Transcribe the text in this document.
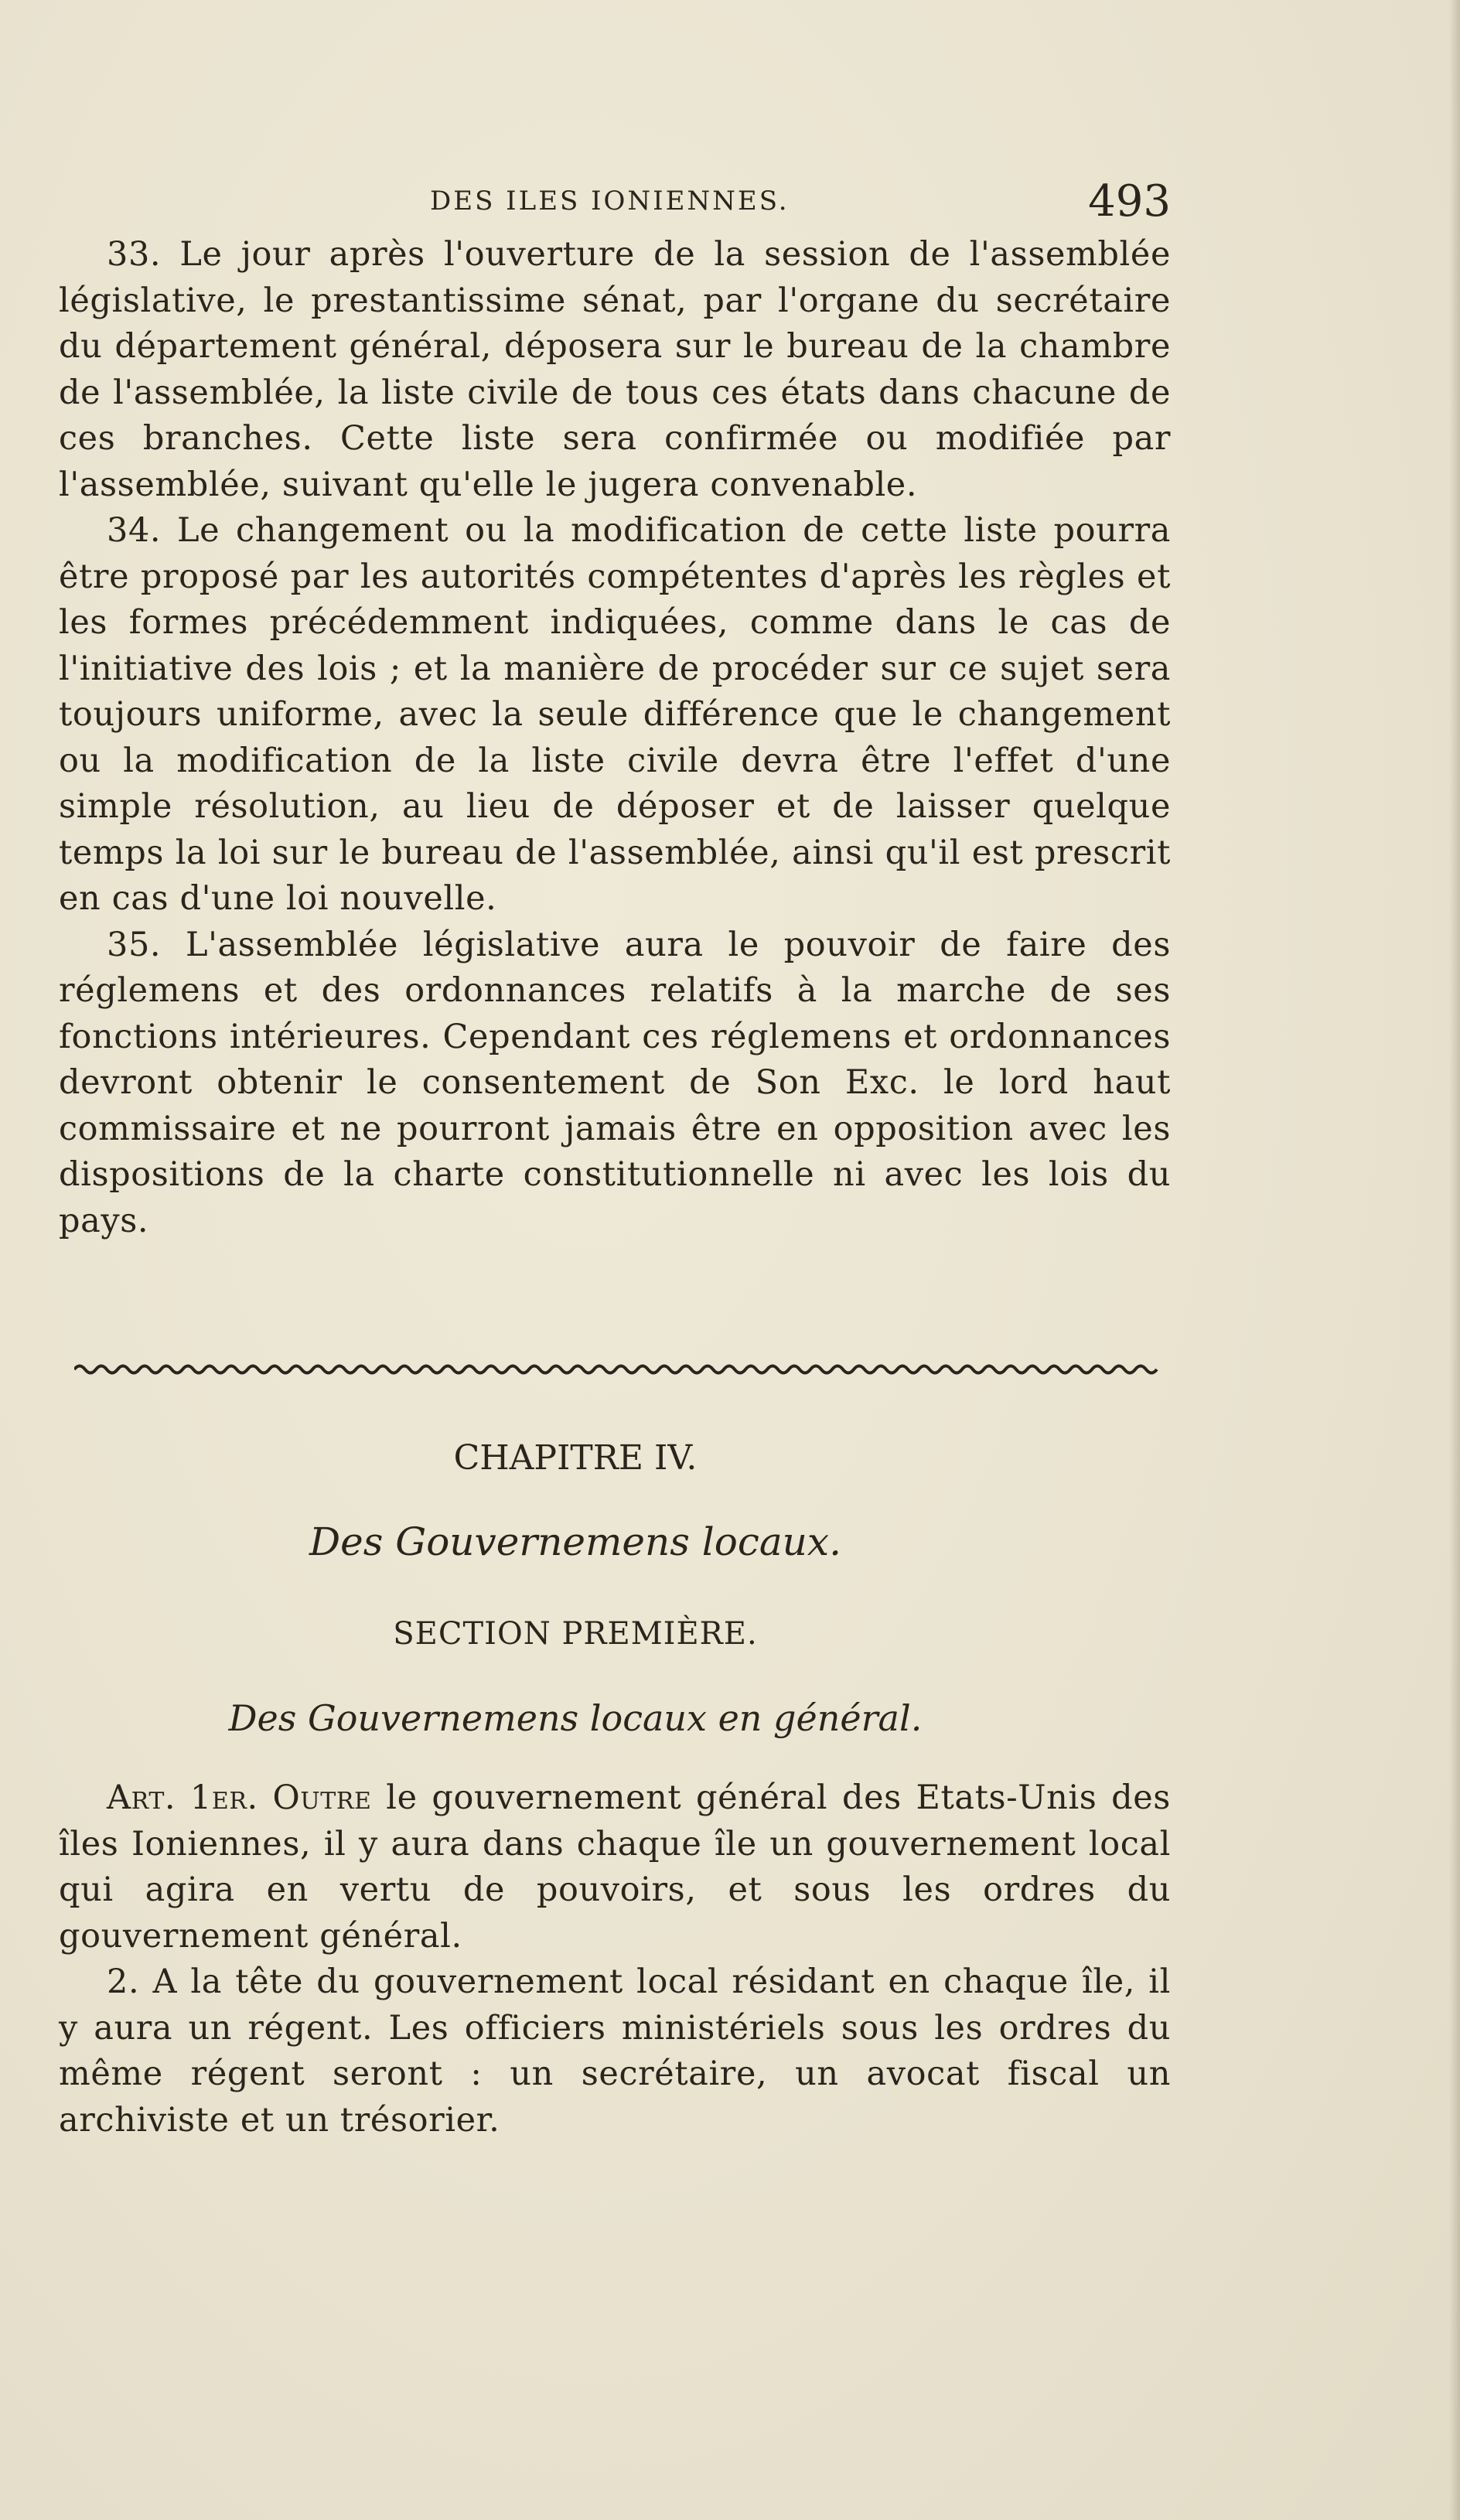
DES ILES IONIENNES.	493

33. Le jour après l'ouverture de la session de l'assemblée législative, le prestantissime sénat, par l'organe du secrétaire du département général, déposera sur le bureau de la chambre de l'assemblée, la liste civile de tous ces états dans chacune de ces branches. Cette liste sera confirmée ou modifiée par l'assemblée, suivant qu'elle le jugera convenable.

34. Le changement ou la modification de cette liste pourra être proposé par les autorités compétentes d'après les règles et les formes précédemment indiquées, comme dans le cas de l'initiative des lois ; et la manière de procéder sur ce sujet sera toujours uniforme, avec la seule différence que le changement ou la modification de la liste civile devra être l'effet d'une simple résolution, au lieu de déposer et de laisser quelque temps la loi sur le bureau de l'assemblée, ainsi qu'il est prescrit en cas d'une loi nouvelle.

35. L'assemblée législative aura le pouvoir de faire des réglemens et des ordonnances relatifs à la marche de ses fonctions intérieures. Cependant ces réglemens et ordonnances devront obtenir le consentement de Son Exc. le lord haut commissaire et ne pourront jamais être en opposition avec les dispositions de la charte constitutionnelle ni avec les lois du pays.

CHAPITRE IV.
Des Gouvernemens locaux.
SECTION PREMIÈRE.
Des Gouvernemens locaux en général.

Art. 1er. Outre le gouvernement général des Etats-Unis des îles Ioniennes, il y aura dans chaque île un gouvernement local qui agira en vertu de pouvoirs, et sous les ordres du gouvernement général.

2. A la tête du gouvernement local résidant en chaque île, il y aura un régent. Les officiers ministériels sous les ordres du même régent seront : un secrétaire, un avocat fiscal un archiviste et un trésorier.
